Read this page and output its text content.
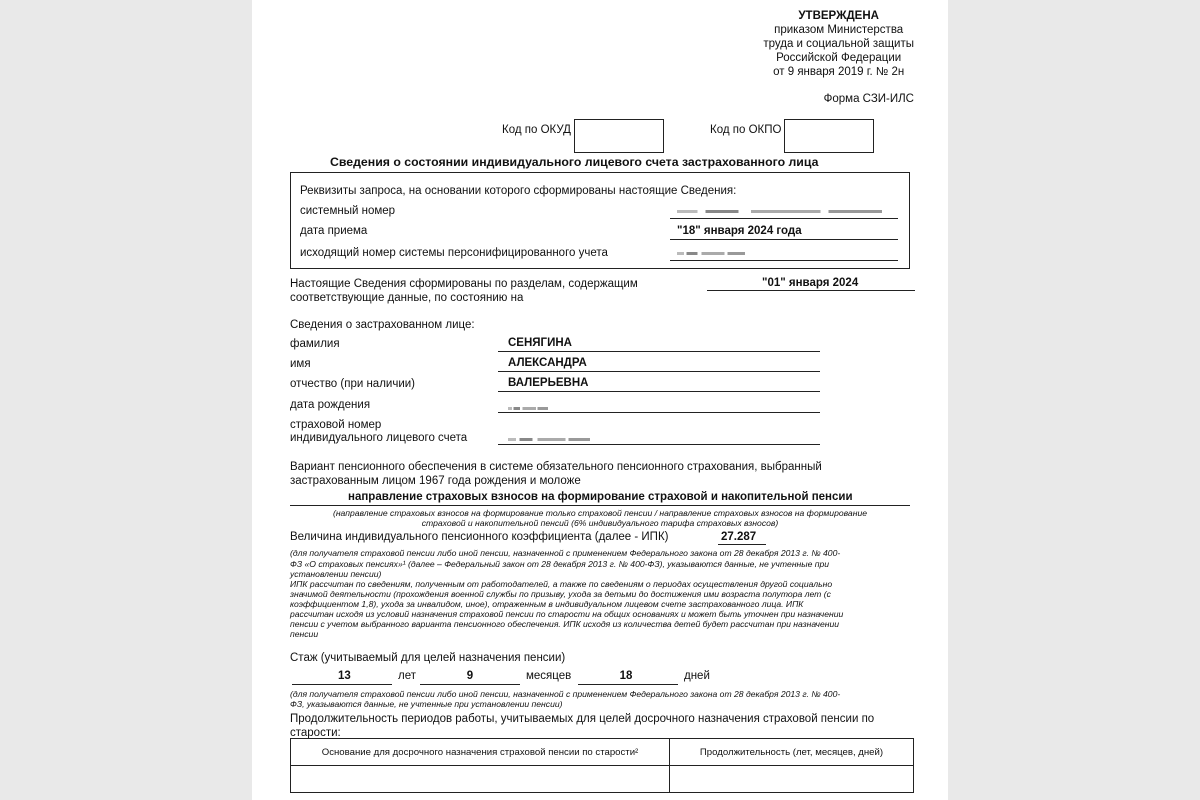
УТВЕРЖДЕНА
приказом Министерства
труда и социальной защиты
Российской Федерации
от 9 января 2019 г. № 2н
Форма СЗИ-ИЛС
Код по ОКУД	Код по ОКПО
Сведения о состоянии индивидуального лицевого счета застрахованного лица
Реквизиты запроса, на основании которого сформированы настоящие Сведения:
системный номер
дата приема	"18" января 2024 года
исходящий номер системы персонифицированного учета
Настоящие Сведения сформированы по разделам, содержащим
соответствующие данные, по состоянию на
"01" января 2024
Сведения о застрахованном лице:
фамилия	СЕНЯГИНА
имя	АЛЕКСАНДРА
отчество (при наличии)	ВАЛЕРЬЕВНА
дата рождения
страховой номер
индивидуального лицевого счета
Вариант пенсионного обеспечения в системе обязательного пенсионного страхования, выбранный
застрахованным лицом 1967 года рождения и моложе
направление страховых взносов на формирование страховой и накопительной пенсии
(направление страховых взносов на формирование только страховой пенсии / направление страховых взносов на формирование
страховой и накопительной пенсий (6% индивидуального тарифа страховых взносов)
Величина индивидуального пенсионного коэффициента (далее - ИПК)	27.287
(для получателя страховой пенсии либо иной пенсии, назначенной с применением Федерального закона от 28 декабря 2013 г. № 400-
ФЗ «О страховых пенсиях»¹ (далее – Федеральный закон от 28 декабря 2013 г. № 400-ФЗ), указываются данные, не учтенные при
установлении пенсии)
ИПК рассчитан по сведениям, полученным от работодателей, а также по сведениям о периодах осуществления другой социально
значимой деятельности (прохождения военной службы по призыву, ухода за детьми до достижения ими возраста полутора лет (с
коэффициентом 1,8), ухода за инвалидом, иное), отраженным в индивидуальном лицевом счете застрахованного лица. ИПК
рассчитан исходя из условий назначения страховой пенсии по старости на общих основаниях и может быть уточнен при назначении
пенсии с учетом выбранного варианта пенсионного обеспечения. ИПК исходя из количества детей будет рассчитан при назначении
пенсии
Стаж (учитываемый для целей назначения пенсии)
13	лет	9	месяцев	18	дней
(для получателя страховой пенсии либо иной пенсии, назначенной с применением Федерального закона от 28 декабря 2013 г. № 400-
ФЗ, указываются данные, не учтенные при установлении пенсии)
Продолжительность периодов работы, учитываемых для целей досрочного назначения страховой пенсии по
старости:
Основание для досрочного назначения страховой пенсии по старости²	Продолжительность (лет, месяцев, дней)
